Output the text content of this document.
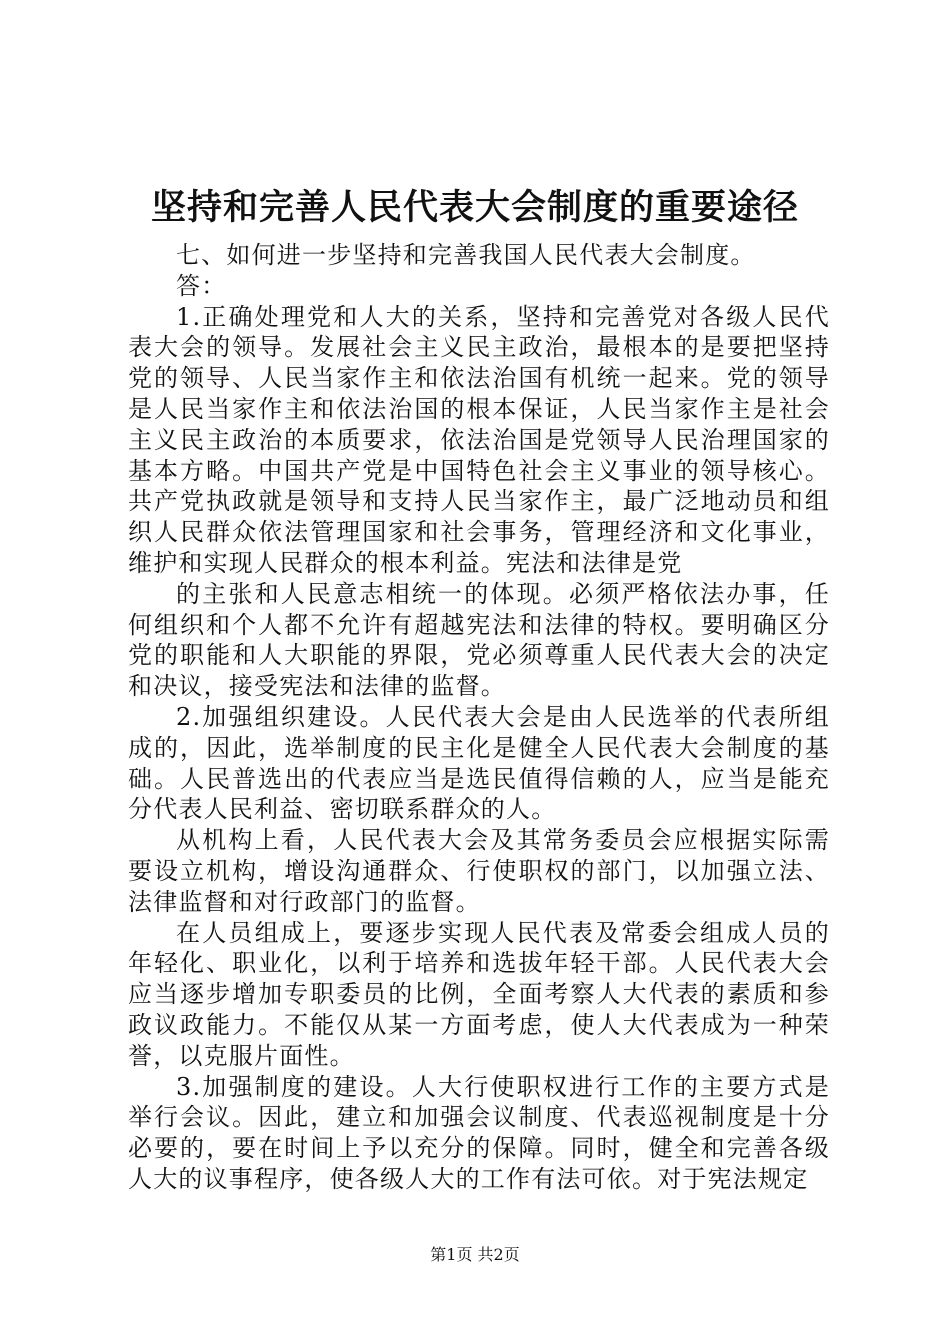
坚持和完善人民代表大会制度的重要途径

七、如何进一步坚持和完善我国人民代表大会制度。

答：

1.正确处理党和人大的关系，坚持和完善党对各级人民代表大会的领导。发展社会主义民主政治，最根本的是要把坚持党的领导、人民当家作主和依法治国有机统一起来。党的领导是人民当家作主和依法治国的根本保证，人民当家作主是社会主义民主政治的本质要求，依法治国是党领导人民治理国家的基本方略。中国共产党是中国特色社会主义事业的领导核心。共产党执政就是领导和支持人民当家作主，最广泛地动员和组织人民群众依法管理国家和社会事务，管理经济和文化事业，维护和实现人民群众的根本利益。宪法和法律是党

的主张和人民意志相统一的体现。必须严格依法办事，任何组织和个人都不允许有超越宪法和法律的特权。要明确区分党的职能和人大职能的界限，党必须尊重人民代表大会的决定和决议，接受宪法和法律的监督。

2.加强组织建设。人民代表大会是由人民选举的代表所组成的，因此，选举制度的民主化是健全人民代表大会制度的基础。人民普选出的代表应当是选民值得信赖的人，应当是能充分代表人民利益、密切联系群众的人。

从机构上看，人民代表大会及其常务委员会应根据实际需要设立机构，增设沟通群众、行使职权的部门，以加强立法、法律监督和对行政部门的监督。

在人员组成上，要逐步实现人民代表及常委会组成人员的年轻化、职业化，以利于培养和选拔年轻干部。人民代表大会应当逐步增加专职委员的比例，全面考察人大代表的素质和参政议政能力。不能仅从某一方面考虑，使人大代表成为一种荣誉，以克服片面性。

3.加强制度的建设。人大行使职权进行工作的主要方式是举行会议。因此，建立和加强会议制度、代表巡视制度是十分必要的，要在时间上予以充分的保障。同时，健全和完善各级人大的议事程序，使各级人大的工作有法可依。对于宪法规定

第1页 共2页
